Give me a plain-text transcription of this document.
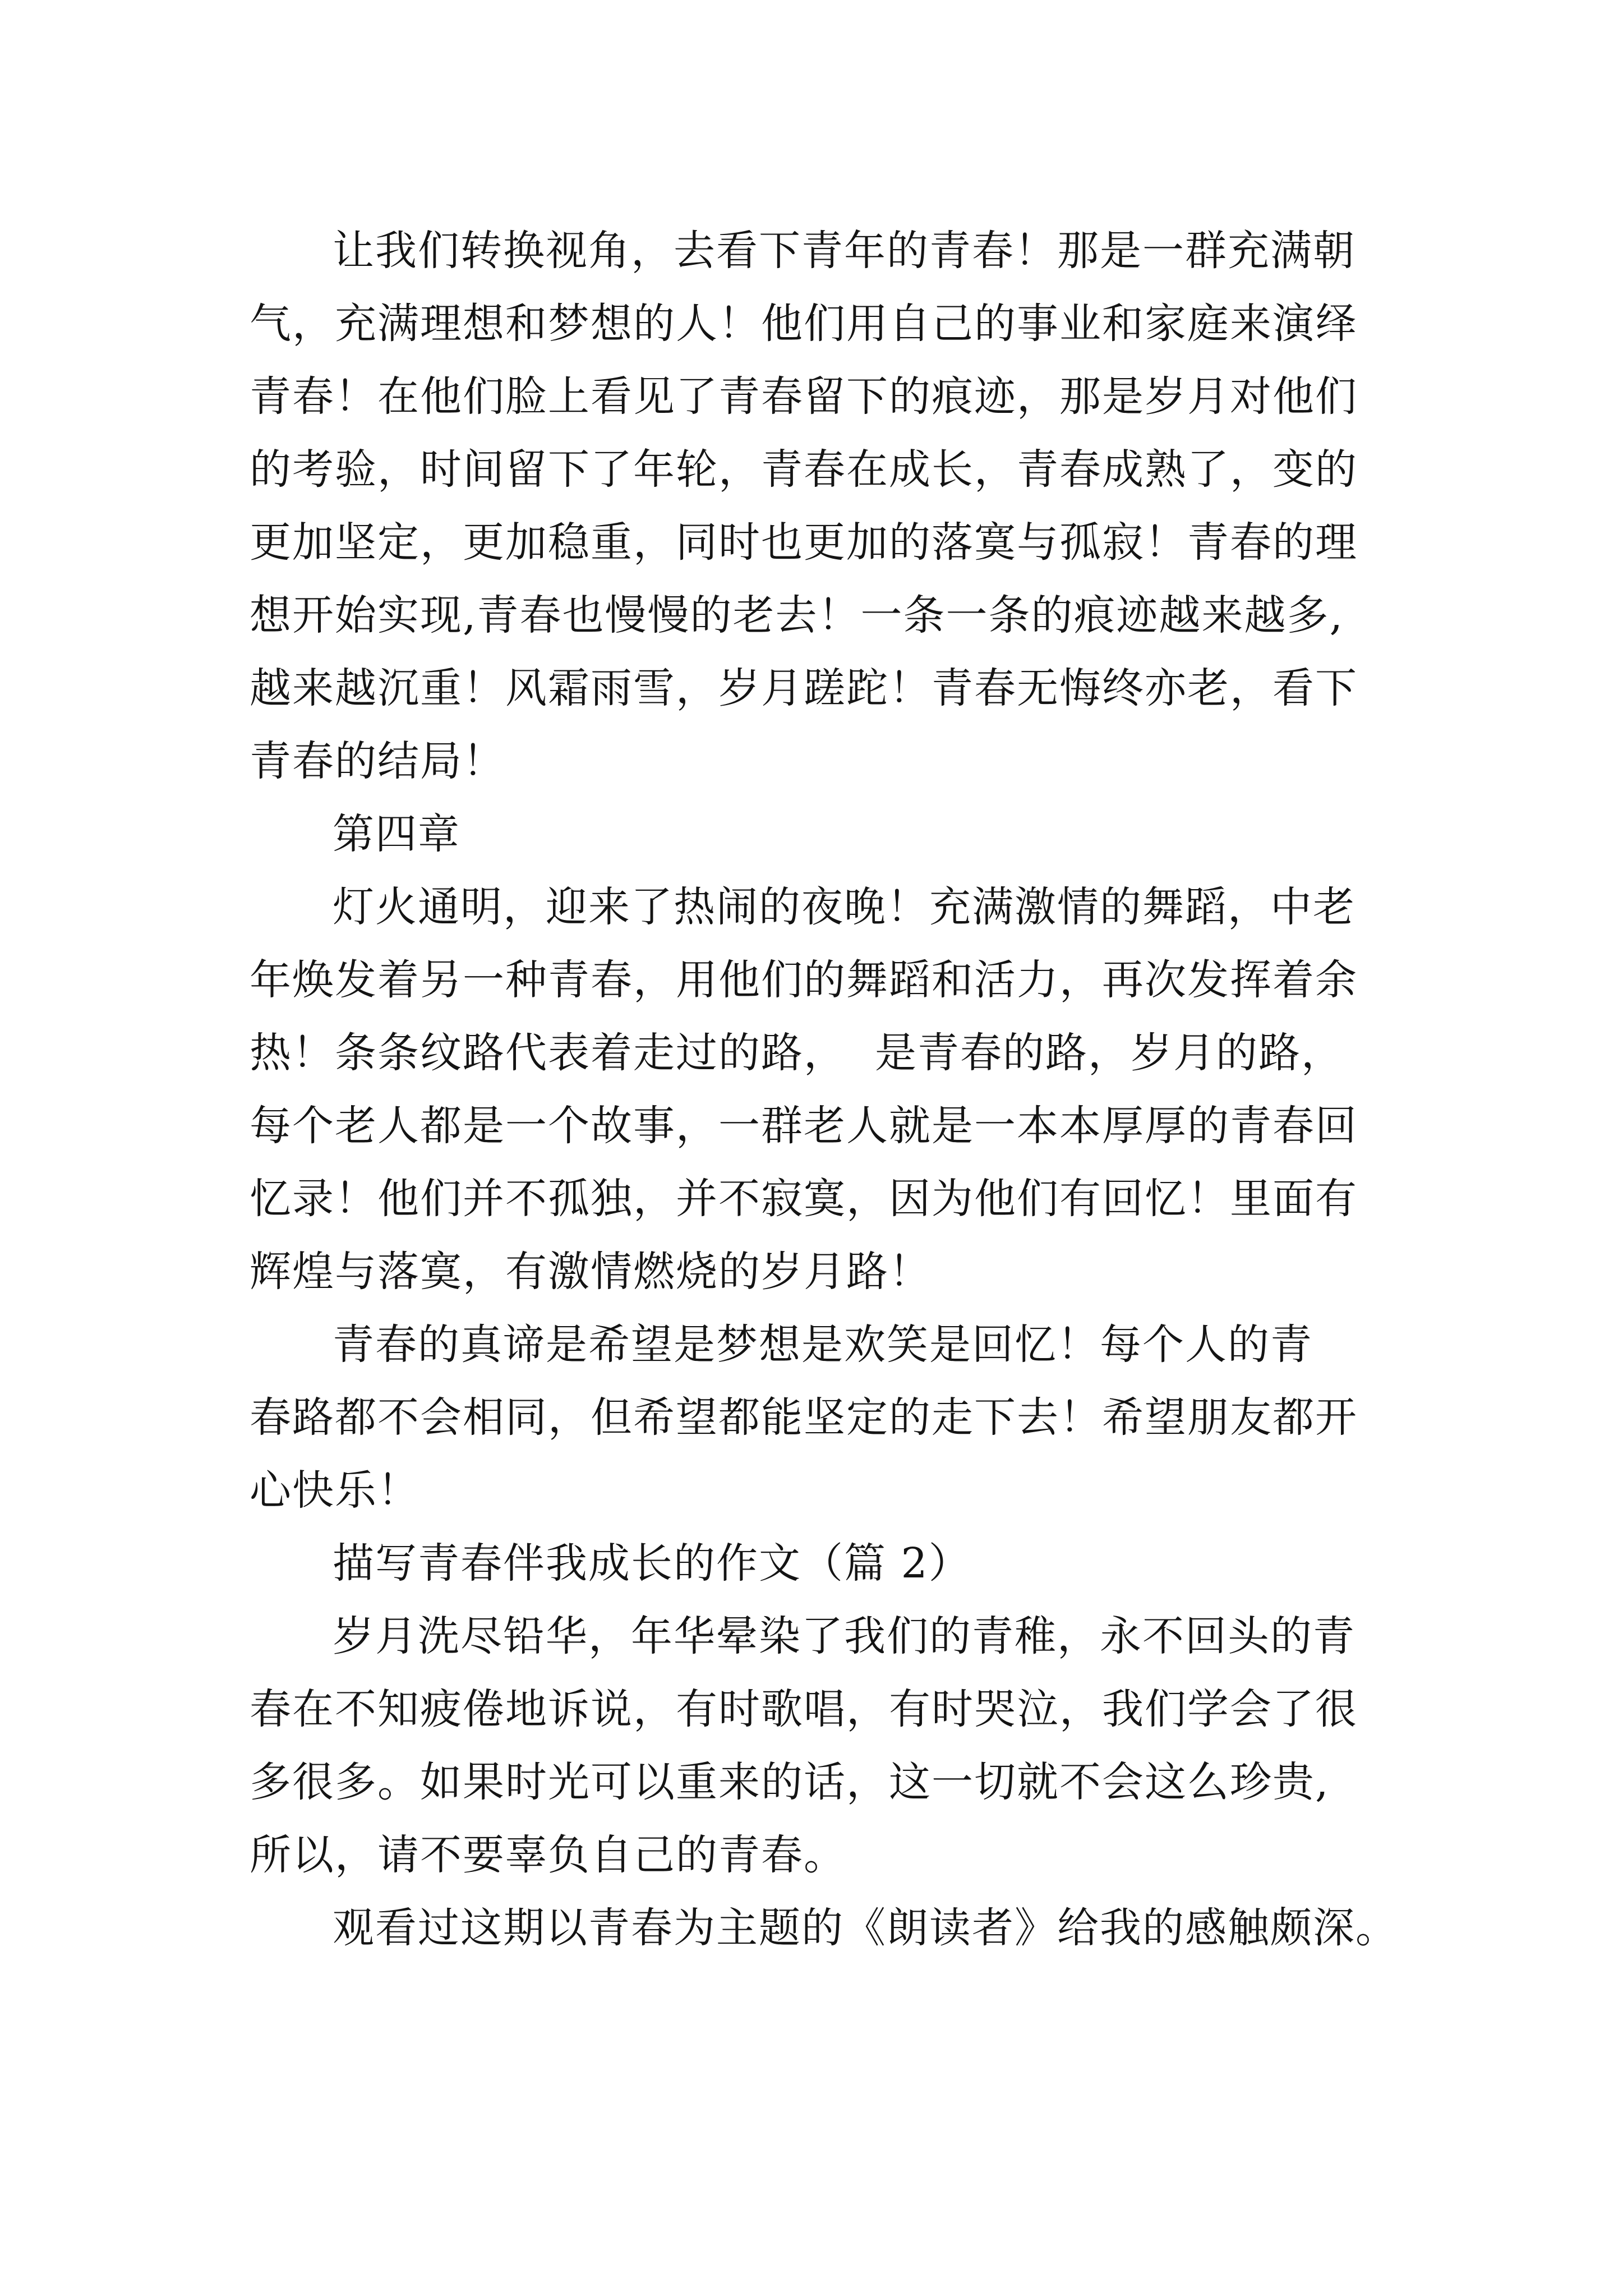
让我们转换视角，去看下青年的青春！那是一群充满朝
气，充满理想和梦想的人！他们用自己的事业和家庭来演绎
青春！在他们脸上看见了青春留下的痕迹，那是岁月对他们
的考验，时间留下了年轮，青春在成长，青春成熟了，变的
更加坚定，更加稳重，同时也更加的落寞与孤寂！青春的理
想开始实现,青春也慢慢的老去！一条一条的痕迹越来越多,
越来越沉重！风霜雨雪，岁月蹉跎！青春无悔终亦老，看下
青春的结局！

第四章

灯火通明，迎来了热闹的夜晚！充满激情的舞蹈，中老
年焕发着另一种青春，用他们的舞蹈和活力，再次发挥着余
热！条条纹路代表着走过的路，  是青春的路，岁月的路，
每个老人都是一个故事，一群老人就是一本本厚厚的青春回
忆录！他们并不孤独，并不寂寞，因为他们有回忆！里面有
辉煌与落寞，有激情燃烧的岁月路！

青春的真谛是希望是梦想是欢笑是回忆！每个人的青
春路都不会相同，但希望都能坚定的走下去！希望朋友都开
心快乐！

描写青春伴我成长的作文（篇 2）

岁月洗尽铅华，年华晕染了我们的青稚，永不回头的青
春在不知疲倦地诉说，有时歌唱，有时哭泣，我们学会了很
多很多。如果时光可以重来的话，这一切就不会这么珍贵,
所以，请不要辜负自己的青春。

观看过这期以青春为主题的《朗读者》给我的感触颇深。
